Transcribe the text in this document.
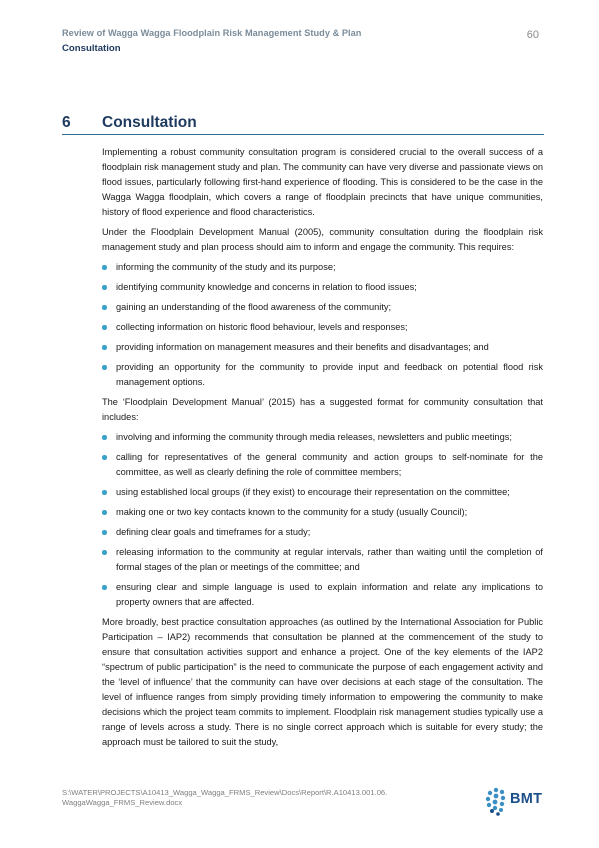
Review of Wagga Wagga Floodplain Risk Management Study & Plan
Consultation
60
6 Consultation

Implementing a robust community consultation program is considered crucial to the overall success of a floodplain risk management study and plan. The community can have very diverse and passionate views on flood issues, particularly following first-hand experience of flooding. This is considered to be the case in the Wagga Wagga floodplain, which covers a range of floodplain precincts that have unique communities, history of flood experience and flood characteristics.

Under the Floodplain Development Manual (2005), community consultation during the floodplain risk management study and plan process should aim to inform and engage the community. This requires:

informing the community of the study and its purpose;
identifying community knowledge and concerns in relation to flood issues;
gaining an understanding of the flood awareness of the community;
collecting information on historic flood behaviour, levels and responses;
providing information on management measures and their benefits and disadvantages; and
providing an opportunity for the community to provide input and feedback on potential flood risk management options.

The ‘Floodplain Development Manual’ (2015) has a suggested format for community consultation that includes:

involving and informing the community through media releases, newsletters and public meetings;
calling for representatives of the general community and action groups to self-nominate for the committee, as well as clearly defining the role of committee members;
using established local groups (if they exist) to encourage their representation on the committee;
making one or two key contacts known to the community for a study (usually Council);
defining clear goals and timeframes for a study;
releasing information to the community at regular intervals, rather than waiting until the completion of formal stages of the plan or meetings of the committee; and
ensuring clear and simple language is used to explain information and relate any implications to property owners that are affected.

More broadly, best practice consultation approaches (as outlined by the International Association for Public Participation – IAP2) recommends that consultation be planned at the commencement of the study to ensure that consultation activities support and enhance a project. One of the key elements of the IAP2 “spectrum of public participation” is the need to communicate the purpose of each engagement activity and the ‘level of influence’ that the community can have over decisions at each stage of the consultation. The level of influence ranges from simply providing timely information to empowering the community to make decisions which the project team commits to implement. Floodplain risk management studies typically use a range of levels across a study. There is no single correct approach which is suitable for every study; the approach must be tailored to suit the study,

S:\WATER\PROJECTS\A10413_Wagga_Wagga_FRMS_Review\Docs\Report\R.A10413.001.06.
WaggaWagga_FRMS_Review.docx	BMT
